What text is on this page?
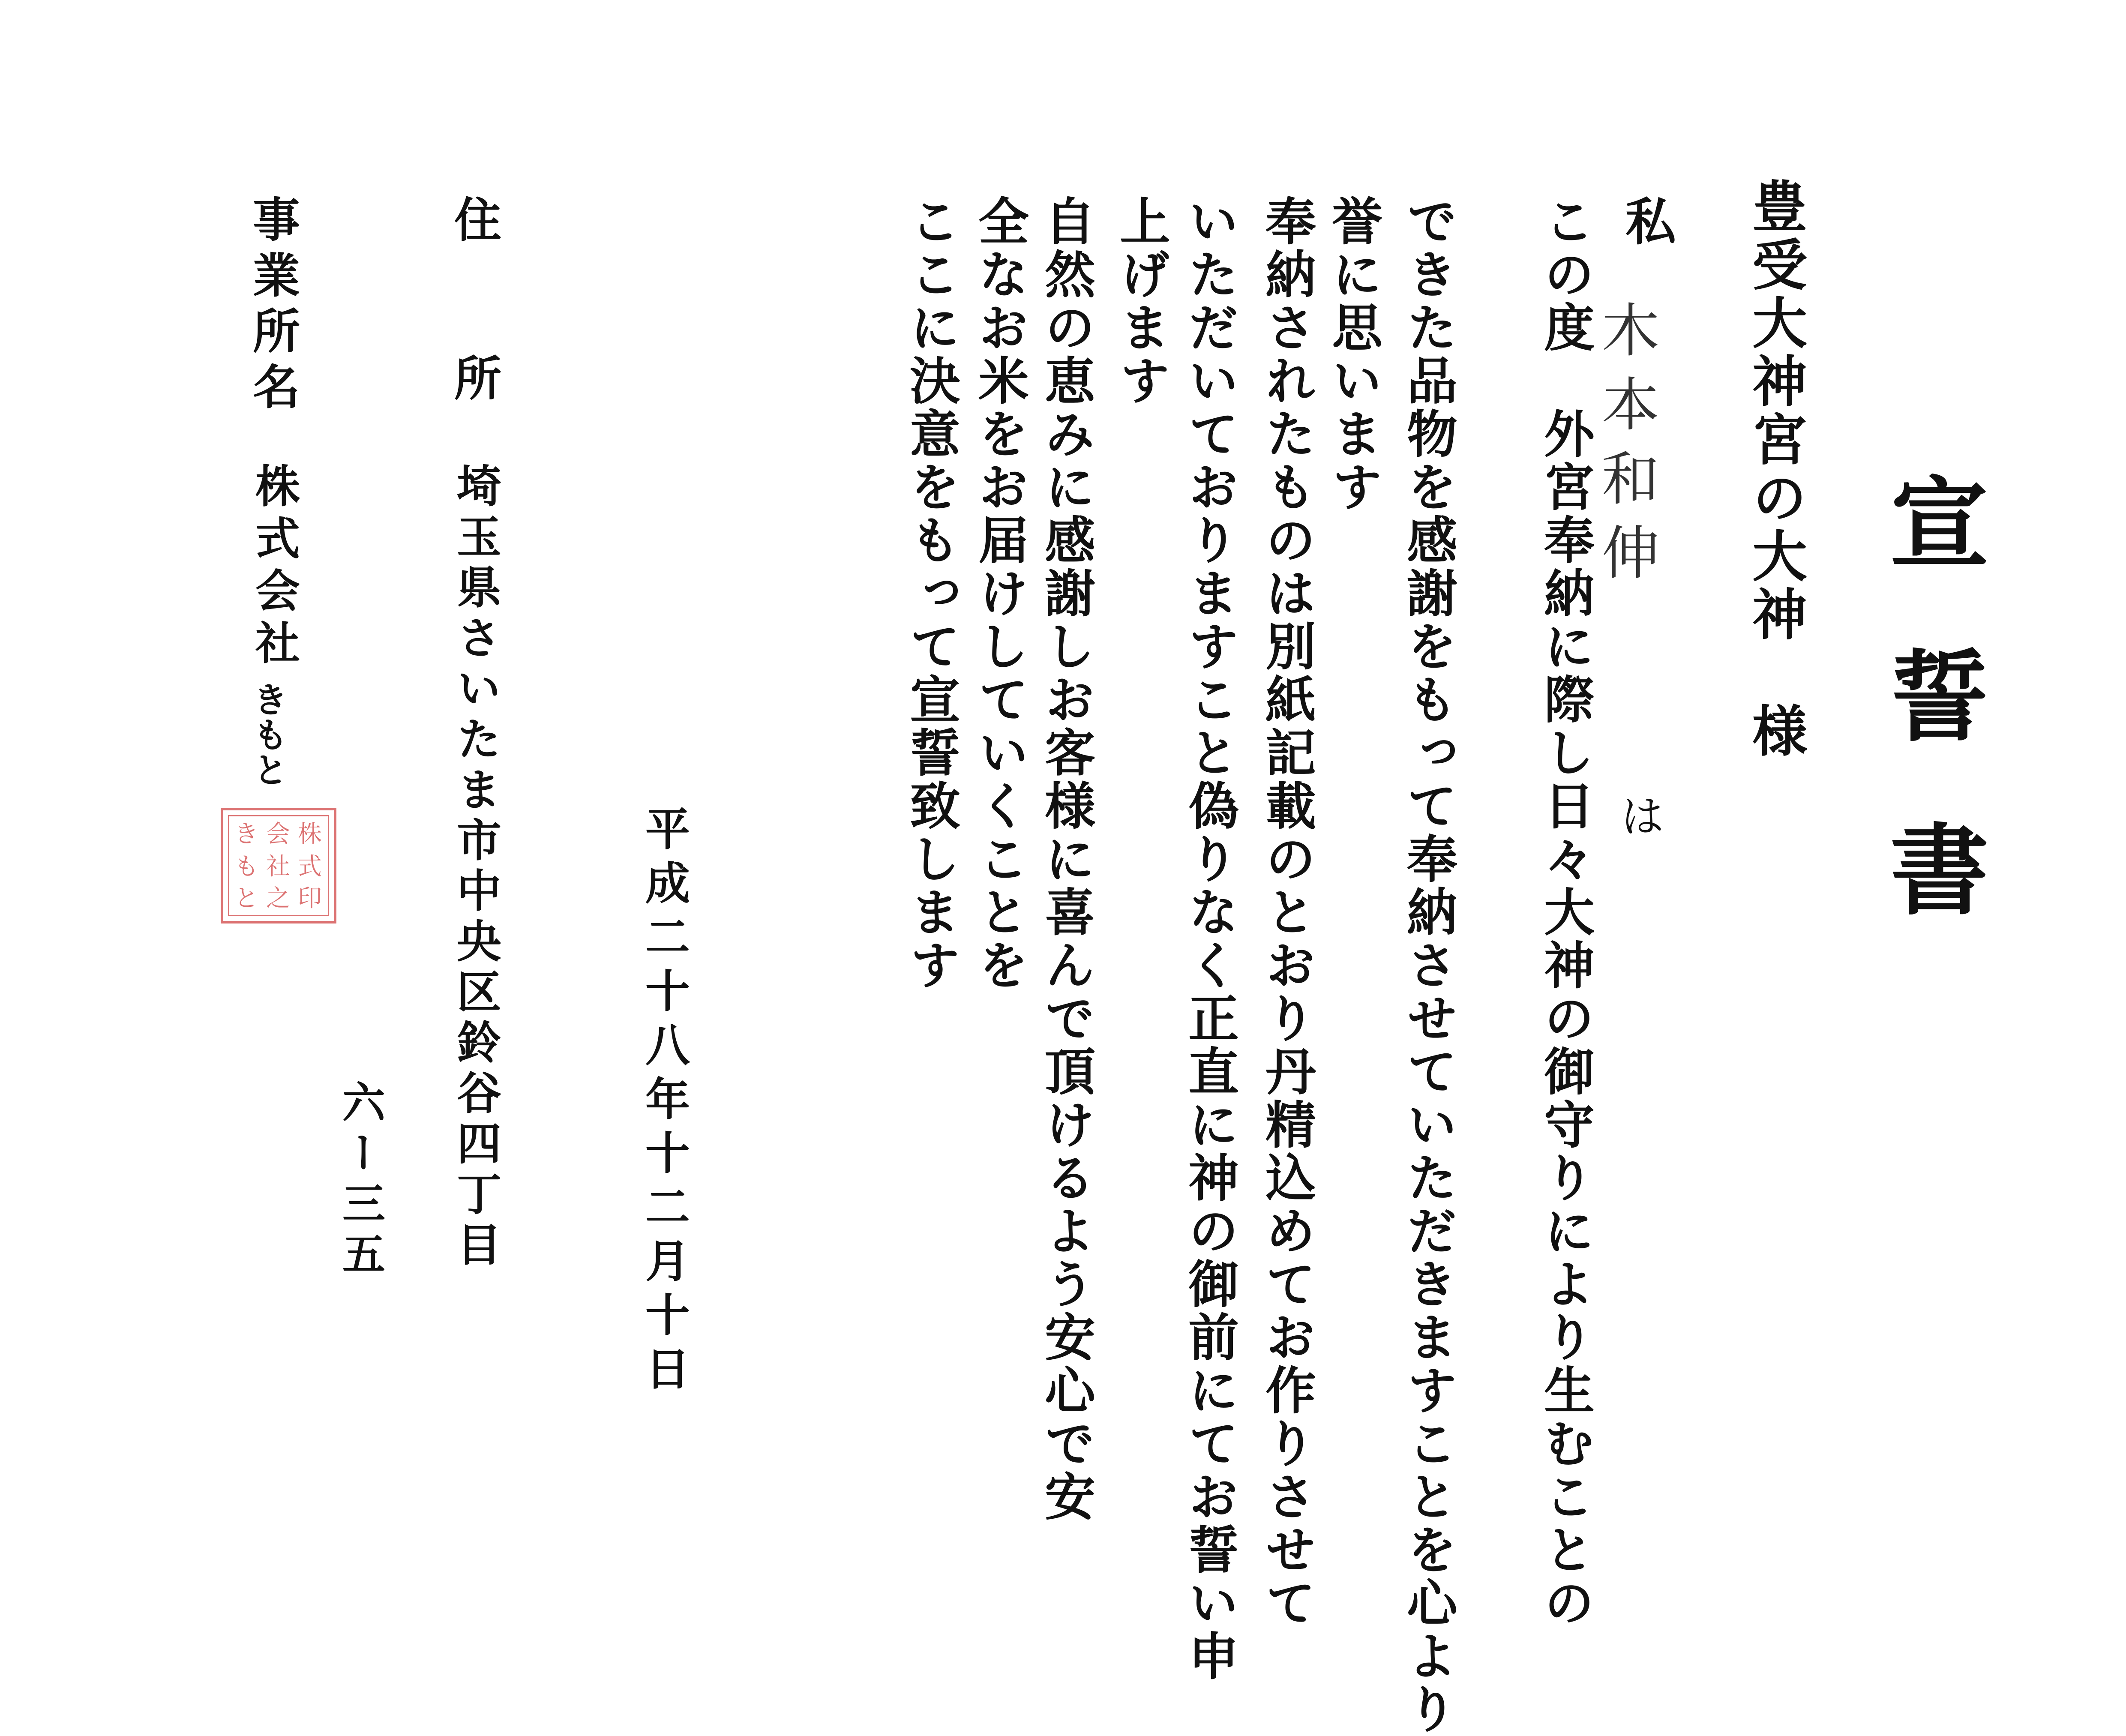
宣誓書
豊受大神宮の大神　様
私
木本和伸
は
この度　外宮奉納に際し日々大神の御守りにより生むことの
できた品物を感謝をもって奉納させていただきますことを心より
誉に思います
奉納されたものは別紙記載のとおり丹精込めてお作りさせて
いただいておりますこと偽りなく正直に神の御前にてお誓い申
上げます
自然の恵みに感謝しお客様に喜んで頂けるよう安心で安
全なお米をお届けしていくことを
ここに決意をもって宣誓致します
平成二十八年十二月十日
住所
埼玉県さいたま市中央区鈴谷四丁目
六ー三五
事業所名
株式会社
きもと
株
式
印
会
社
之
き
も
と
